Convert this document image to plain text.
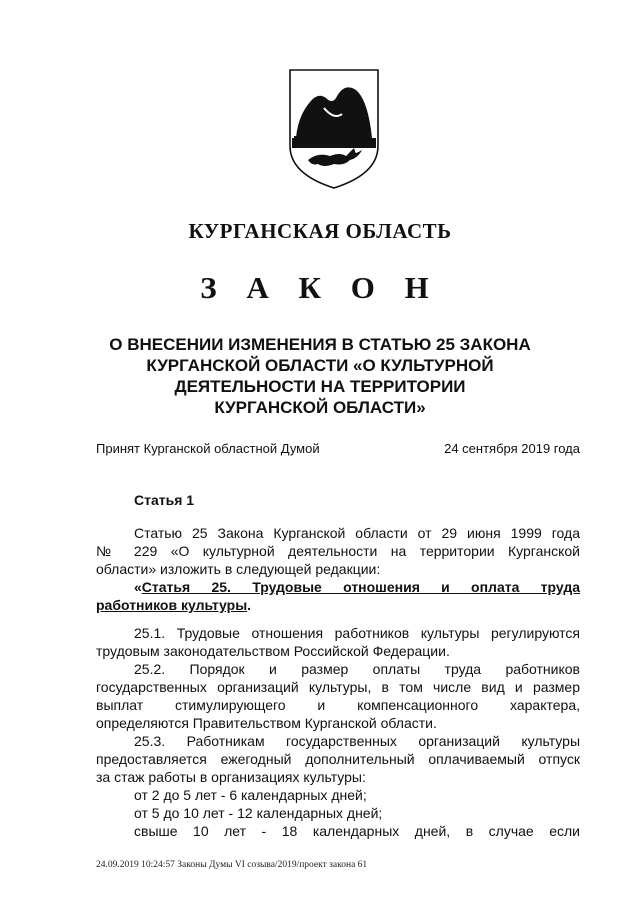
КУРГАНСКАЯ ОБЛАСТЬ
З А К О Н
О ВНЕСЕНИИ ИЗМЕНЕНИЯ В СТАТЬЮ 25 ЗАКОНА
КУРГАНСКОЙ ОБЛАСТИ «О КУЛЬТУРНОЙ
ДЕЯТЕЛЬНОСТИ НА ТЕРРИТОРИИ
КУРГАНСКОЙ ОБЛАСТИ»
Принят Курганской областной Думой	24 сентября 2019 года
Статья 1
Статью 25 Закона Курганской области от 29 июня 1999 года
№ 229 «О культурной деятельности на территории Курганской
области» изложить в следующей редакции:
« Статья 25. Трудовые отношения и оплата труда
работников культуры.
25.1. Трудовые отношения работников культуры регулируются
трудовым законодательством Российской Федерации.
25.2. Порядок и размер оплаты труда работников
государственных организаций культуры, в том числе вид и размер
выплат стимулирующего и компенсационного характера,
определяются Правительством Курганской области.
25.3. Работникам государственных организаций культуры
предоставляется ежегодный дополнительный оплачиваемый отпуск
за стаж работы в организациях культуры:
от 2 до 5 лет - 6 календарных дней;
от 5 до 10 лет - 12 календарных дней;
свыше 10 лет - 18 календарных дней, в случае если
24.09.2019 10:24:57 Законы Думы VI созыва/2019/проект закона 61
